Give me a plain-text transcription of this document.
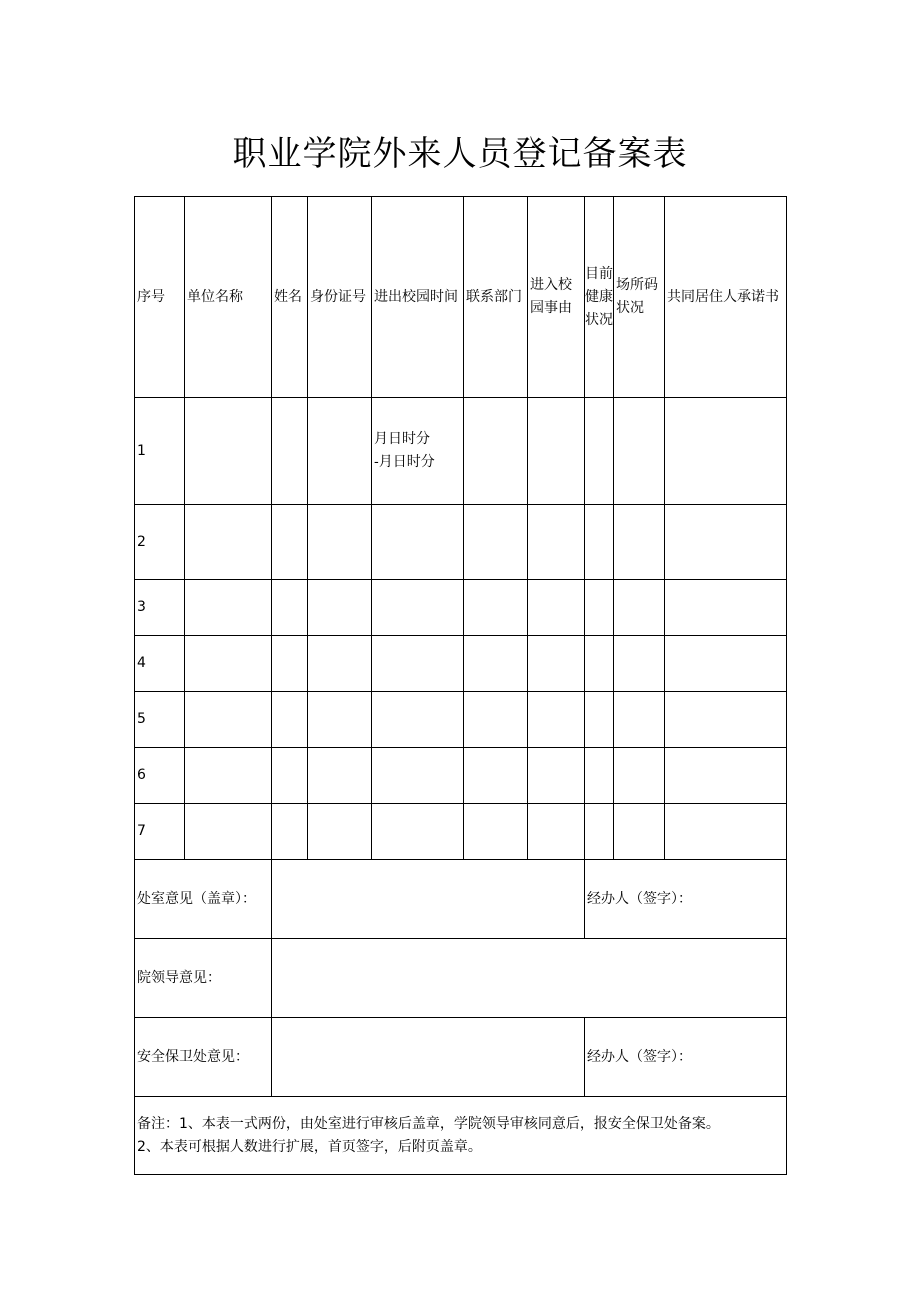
职业学院外来人员登记备案表
序号	单位名称	姓名	身份证号	进出校园时间	联系部门	进入校园事由	目前健康状况	场所码状况	共同居住人承诺书
1				月日时分
-月日时分					

2									
3									
4									
5									
6									
7									
处室意见（盖章）：							经办人（签字）：		
院领导意见：									
安全保卫处意见：							经办人（签字）：		

备注：1、本表一式两份，由处室进行审核后盖章，学院领导审核同意后，报安全保卫处备案。
2、本表可根据人数进行扩展，首页签字，后附页盖章。									
